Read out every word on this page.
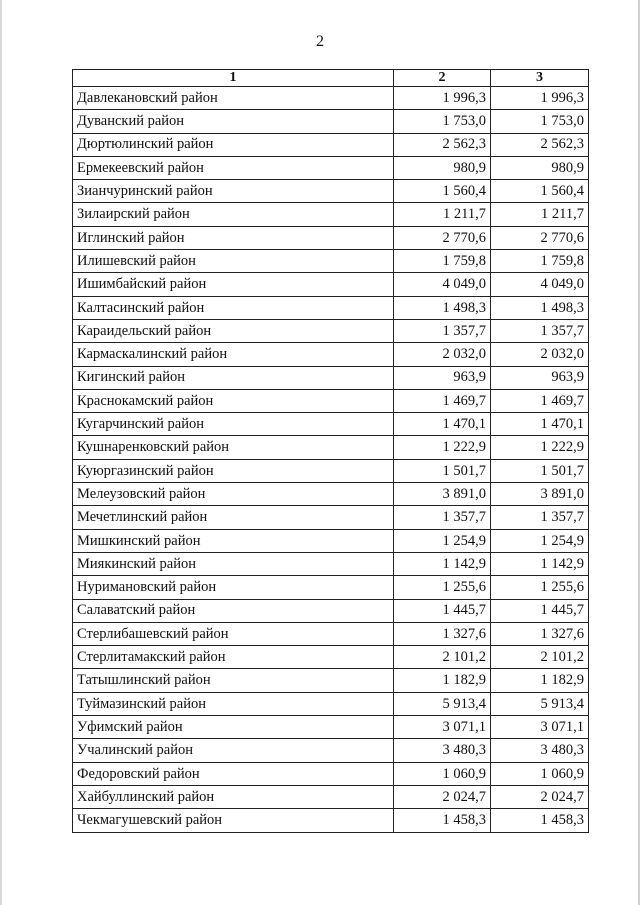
2
1	2	3
Давлекановский район	1 996,3	1 996,3
Дуванский район	1 753,0	1 753,0
Дюртюлинский район	2 562,3	2 562,3
Ермекеевский район	980,9	980,9
Зианчуринский район	1 560,4	1 560,4
Зилаирский район	1 211,7	1 211,7
Иглинский район	2 770,6	2 770,6
Илишевский район	1 759,8	1 759,8
Ишимбайский район	4 049,0	4 049,0
Калтасинский район	1 498,3	1 498,3
Караидельский район	1 357,7	1 357,7
Кармаскалинский район	2 032,0	2 032,0
Кигинский район	963,9	963,9
Краснокамский район	1 469,7	1 469,7
Кугарчинский район	1 470,1	1 470,1
Кушнаренковский район	1 222,9	1 222,9
Куюргазинский район	1 501,7	1 501,7
Мелеузовский район	3 891,0	3 891,0
Мечетлинский район	1 357,7	1 357,7
Мишкинский район	1 254,9	1 254,9
Миякинский район	1 142,9	1 142,9
Нуримановский район	1 255,6	1 255,6
Салаватский район	1 445,7	1 445,7
Стерлибашевский район	1 327,6	1 327,6
Стерлитамакский район	2 101,2	2 101,2
Татышлинский район	1 182,9	1 182,9
Туймазинский район	5 913,4	5 913,4
Уфимский район	3 071,1	3 071,1
Учалинский район	3 480,3	3 480,3
Федоровский район	1 060,9	1 060,9
Хайбуллинский район	2 024,7	2 024,7
Чекмагушевский район	1 458,3	1 458,3
